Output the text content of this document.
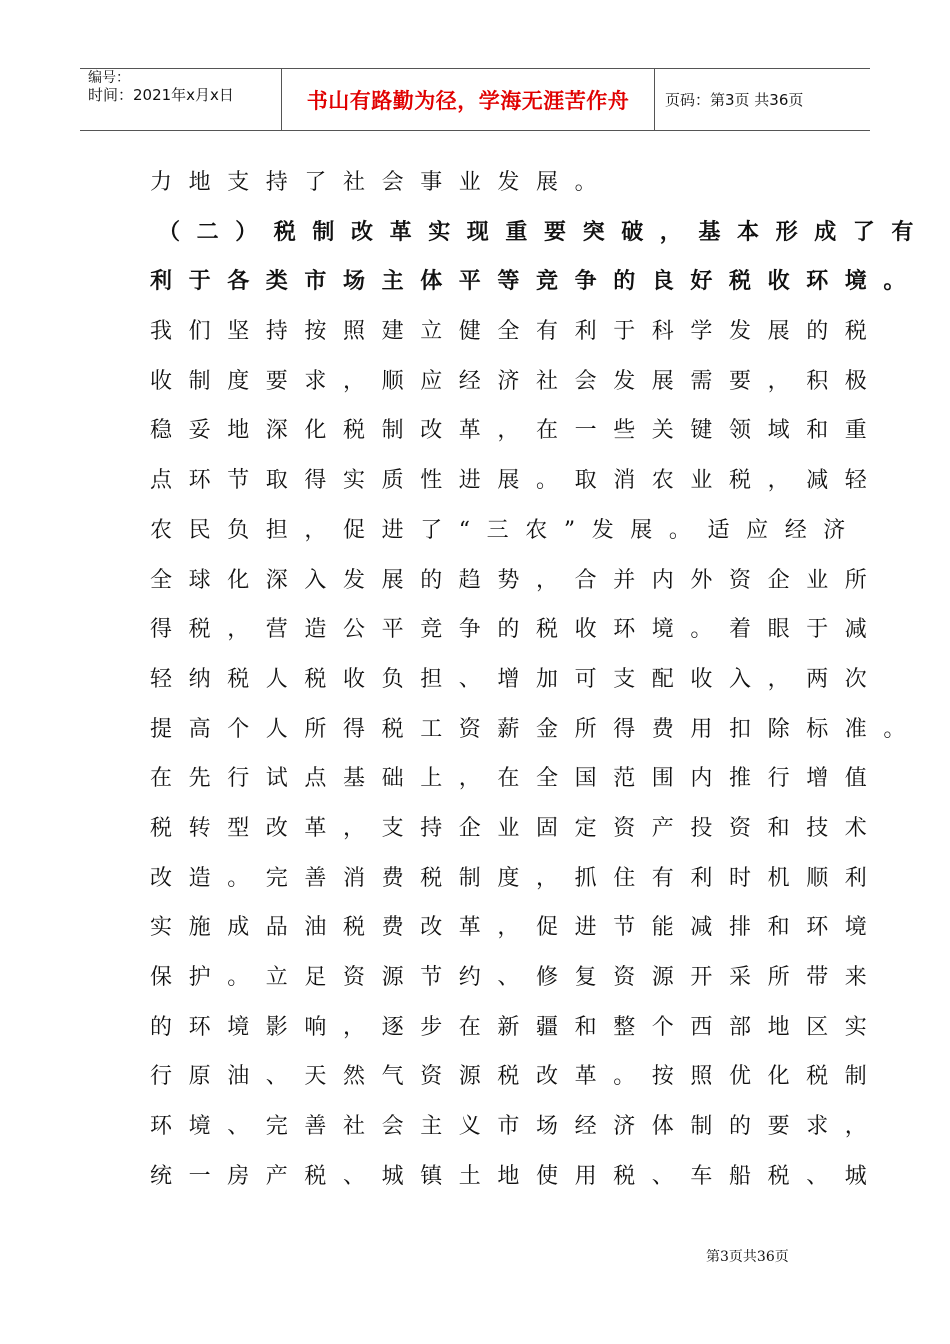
编号：
时间：2021年x月x日	书山有路勤为径，学海无涯苦作舟	页码：第3页 共36页
力地支持了社会事业发展。
（二）税制改革实现重要突破，基本形成了有
利于各类市场主体平等竞争的良好税收环境。
我们坚持按照建立健全有利于科学发展的税
收制度要求，顺应经济社会发展需要，积极
稳妥地深化税制改革，在一些关键领域和重
点环节取得实质性进展。取消农业税，减轻
农民负担，促进了“三农”发展。适应经济
全球化深入发展的趋势，合并内外资企业所
得税，营造公平竞争的税收环境。着眼于减
轻纳税人税收负担、增加可支配收入，两次
提高个人所得税工资薪金所得费用扣除标准。
在先行试点基础上，在全国范围内推行增值
税转型改革，支持企业固定资产投资和技术
改造。完善消费税制度，抓住有利时机顺利
实施成品油税费改革，促进节能减排和环境
保护。立足资源节约、修复资源开采所带来
的环境影响，逐步在新疆和整个西部地区实
行原油、天然气资源税改革。按照优化税制
环境、完善社会主义市场经济体制的要求，
统一房产税、城镇土地使用税、车船税、城
第3页共36页
